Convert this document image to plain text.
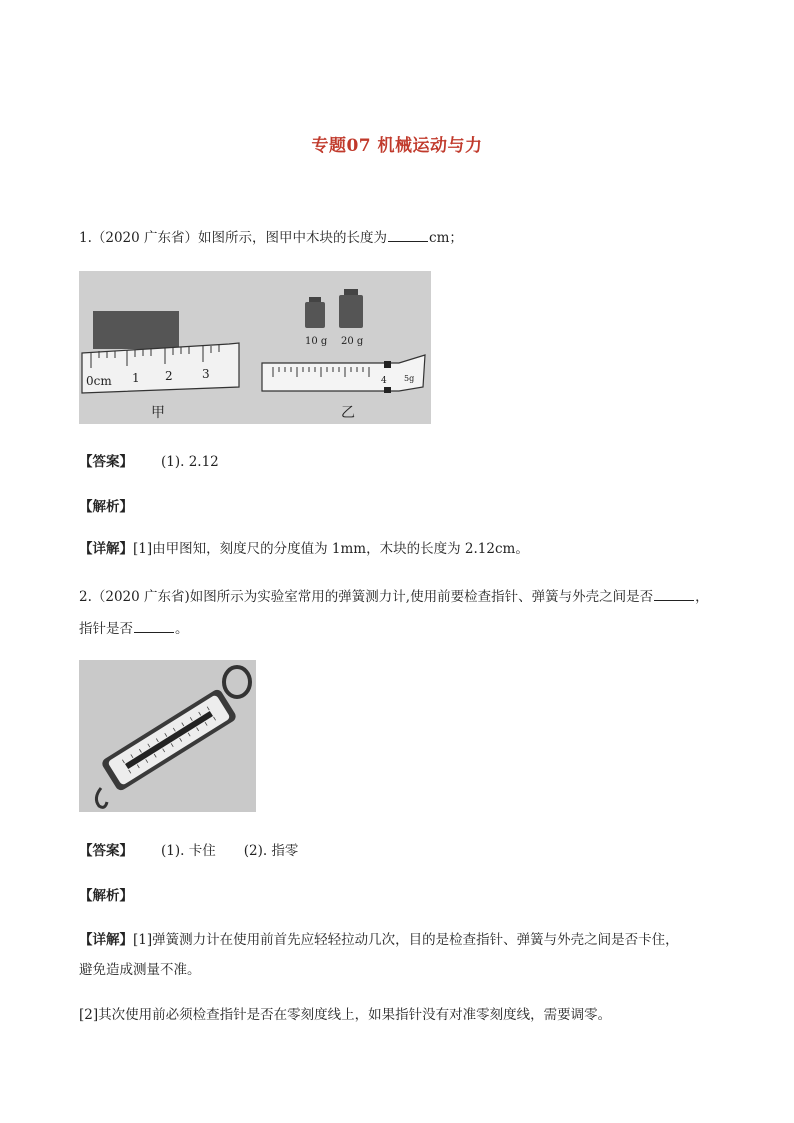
专题07 机械运动与力
1.（2020 广东省）如图所示，图甲中木块的长度为	cm；
0cm 1 2 3
甲
10 g 20 g
4 5g
乙
【答案】 (1). 2.12
【解析】
【详解】[1]由甲图知，刻度尺的分度值为 1mm，木块的长度为 2.12cm。
2.（2020 广东省)如图所示为实验室常用的弹簧测力计,使用前要检查指针、弹簧与外壳之间是否	，
指针是否	。
【答案】 (1). 卡住 (2). 指零
【解析】
【详解】[1]弹簧测力计在使用前首先应轻轻拉动几次，目的是检查指针、弹簧与外壳之间是否卡住，
避免造成测量不准。
[2]其次使用前必须检查指针是否在零刻度线上，如果指针没有对准零刻度线，需要调零。
